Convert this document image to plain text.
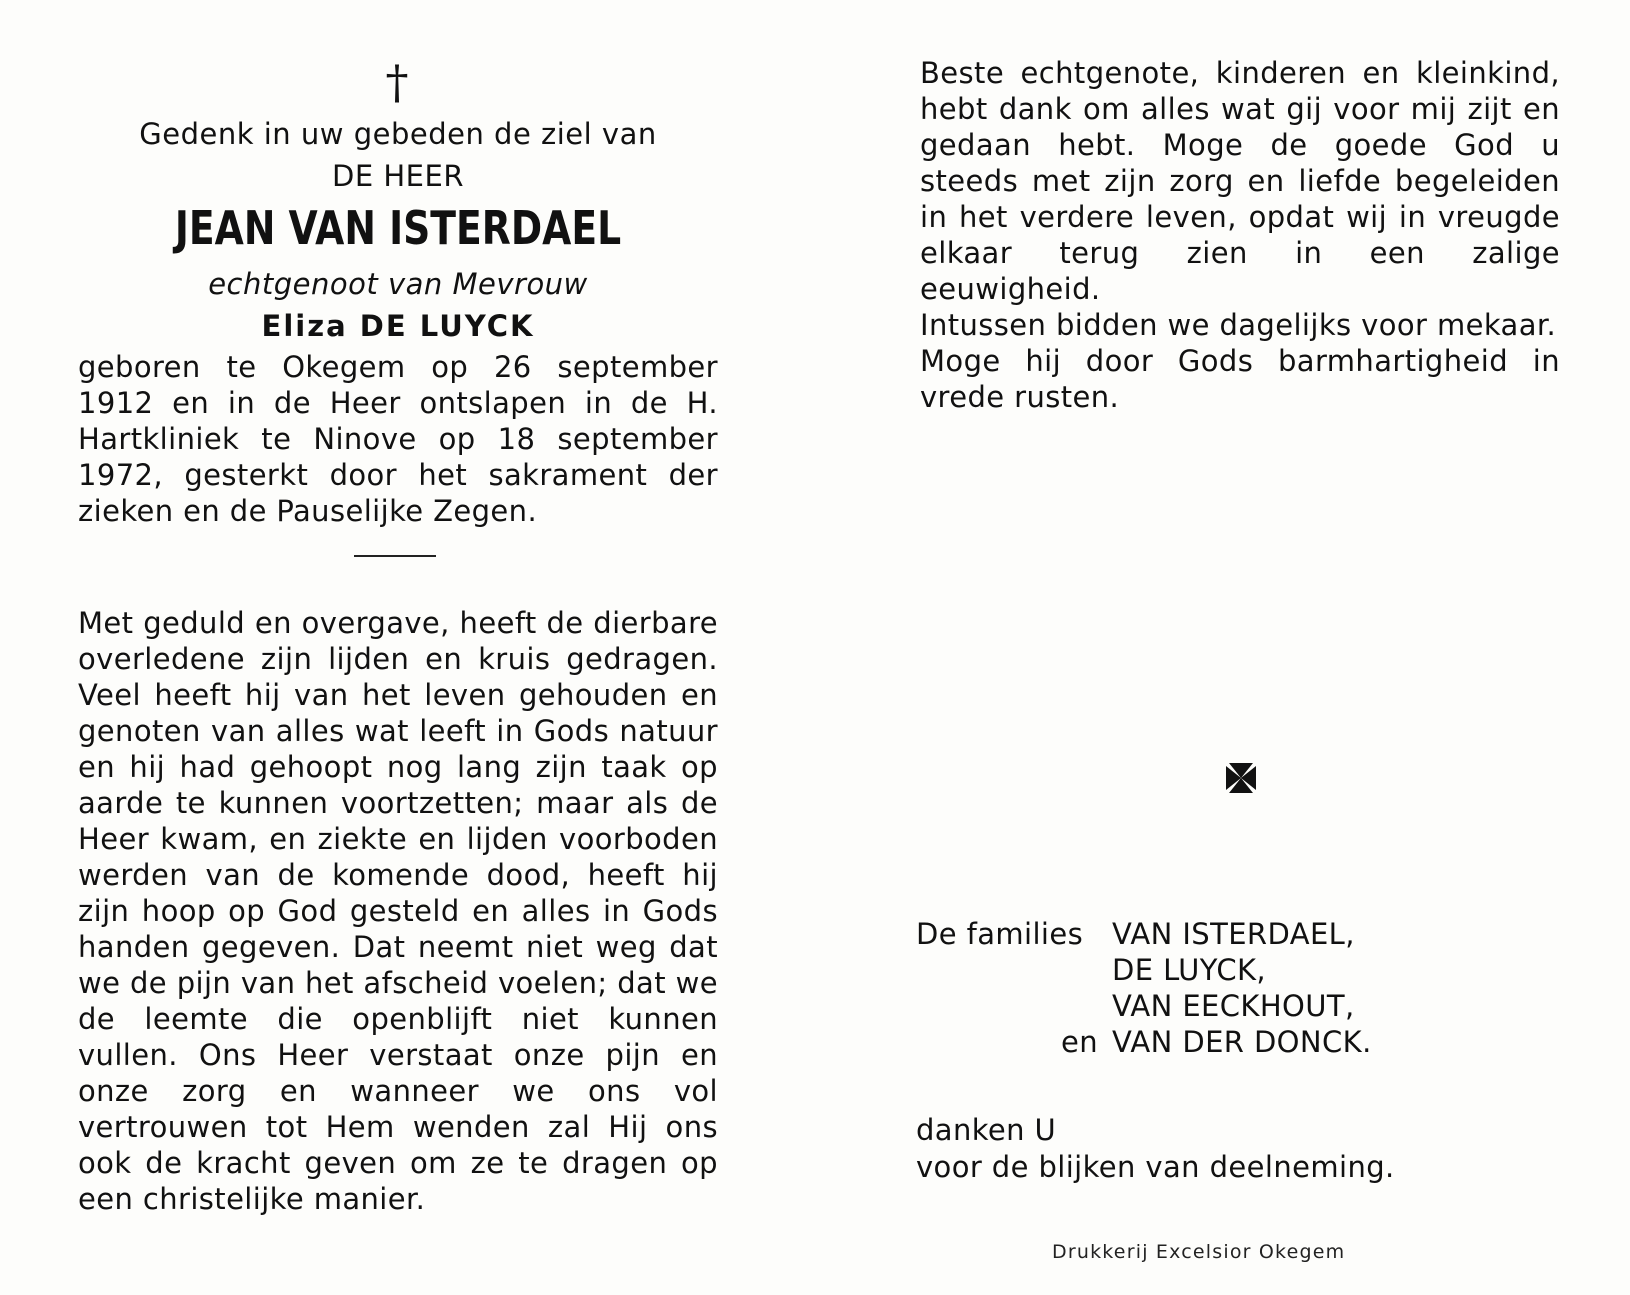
†
Gedenk in uw gebeden de ziel van
DE HEER
JEAN VAN ISTERDAEL
echtgenoot van Mevrouw
Eliza DE LUYCK

geboren te Okegem op 26 september 1912 en in de Heer ontslapen in de H. Hartkliniek te Ninove op 18 september 1972, gesterkt door het sakrament der zieken en de Pauselijke Zegen.

Met geduld en overgave, heeft de dierbare overledene zijn lijden en kruis gedragen. Veel heeft hij van het leven gehouden en genoten van alles wat leeft in Gods natuur en hij had gehoopt nog lang zijn taak op aarde te kunnen voortzetten; maar als de Heer kwam, en ziekte en lijden voorboden werden van de komende dood, heeft hij zijn hoop op God gesteld en alles in Gods handen gegeven. Dat neemt niet weg dat we de pijn van het afscheid voelen; dat we de leemte die openblijft niet kunnen vullen. Ons Heer verstaat onze pijn en onze zorg en wanneer we ons vol vertrouwen tot Hem wenden zal Hij ons ook de kracht geven om ze te dragen op een christelijke manier.

Beste echtgenote, kinderen en kleinkind, hebt dank om alles wat gij voor mij zijt en gedaan hebt. Moge de goede God u steeds met zijn zorg en liefde begeleiden in het verdere leven, opdat wij in vreugde elkaar terug zien in een zalige eeuwigheid.

Intussen bidden we dagelijks voor mekaar.

Moge hij door Gods barmhartigheid in vrede rusten.

De families VAN ISTERDAEL,
DE LUYCK,
VAN EECKHOUT,
en VAN DER DONCK.
danken U
voor de blijken van deelneming.
Drukkerij Excelsior Okegem
